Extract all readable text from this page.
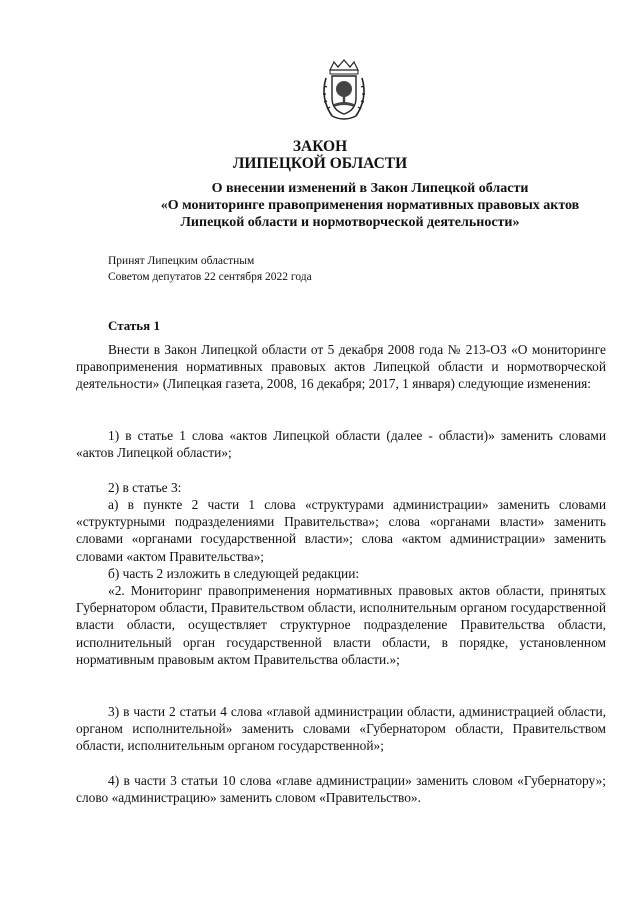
ЗАКОН
ЛИПЕЦКОЙ ОБЛАСТИ
О внесении изменений в Закон Липецкой области
«О мониторинге правоприменения нормативных правовых актов
Липецкой области и нормотворческой деятельности»
Принят Липецким областным
Советом депутатов 22 сентября 2022 года
Статья 1
Внести в Закон Липецкой области от 5 декабря 2008 года № 213-ОЗ «О мониторинге правоприменения нормативных правовых актов Липецкой области и нормотворческой деятельности» (Липецкая газета, 2008, 16 декабря; 2017, 1 января) следующие изменения:
1) в статье 1 слова «актов Липецкой области (далее - области)» заменить словами «актов Липецкой области»;
2) в статье 3:
а) в пункте 2 части 1 слова «структурами администрации» заменить словами «структурными подразделениями Правительства»; слова «органами власти» заменить словами «органами государственной власти»; слова «актом администрации» заменить словами «актом Правительства»;
б) часть 2 изложить в следующей редакции:
«2. Мониторинг правоприменения нормативных правовых актов области, принятых Губернатором области, Правительством области, исполнительным органом государственной власти области, осуществляет структурное подразделение Правительства области, исполнительный орган государственной власти области, в порядке, установленном нормативным правовым актом Правительства области.»;
3) в части 2 статьи 4 слова «главой администрации области, администрацией области, органом исполнительной» заменить словами «Губернатором области, Правительством области, исполнительным органом государственной»;
4) в части 3 статьи 10 слова «главе администрации» заменить словом «Губернатору»; слово «администрацию» заменить словом «Правительство».
